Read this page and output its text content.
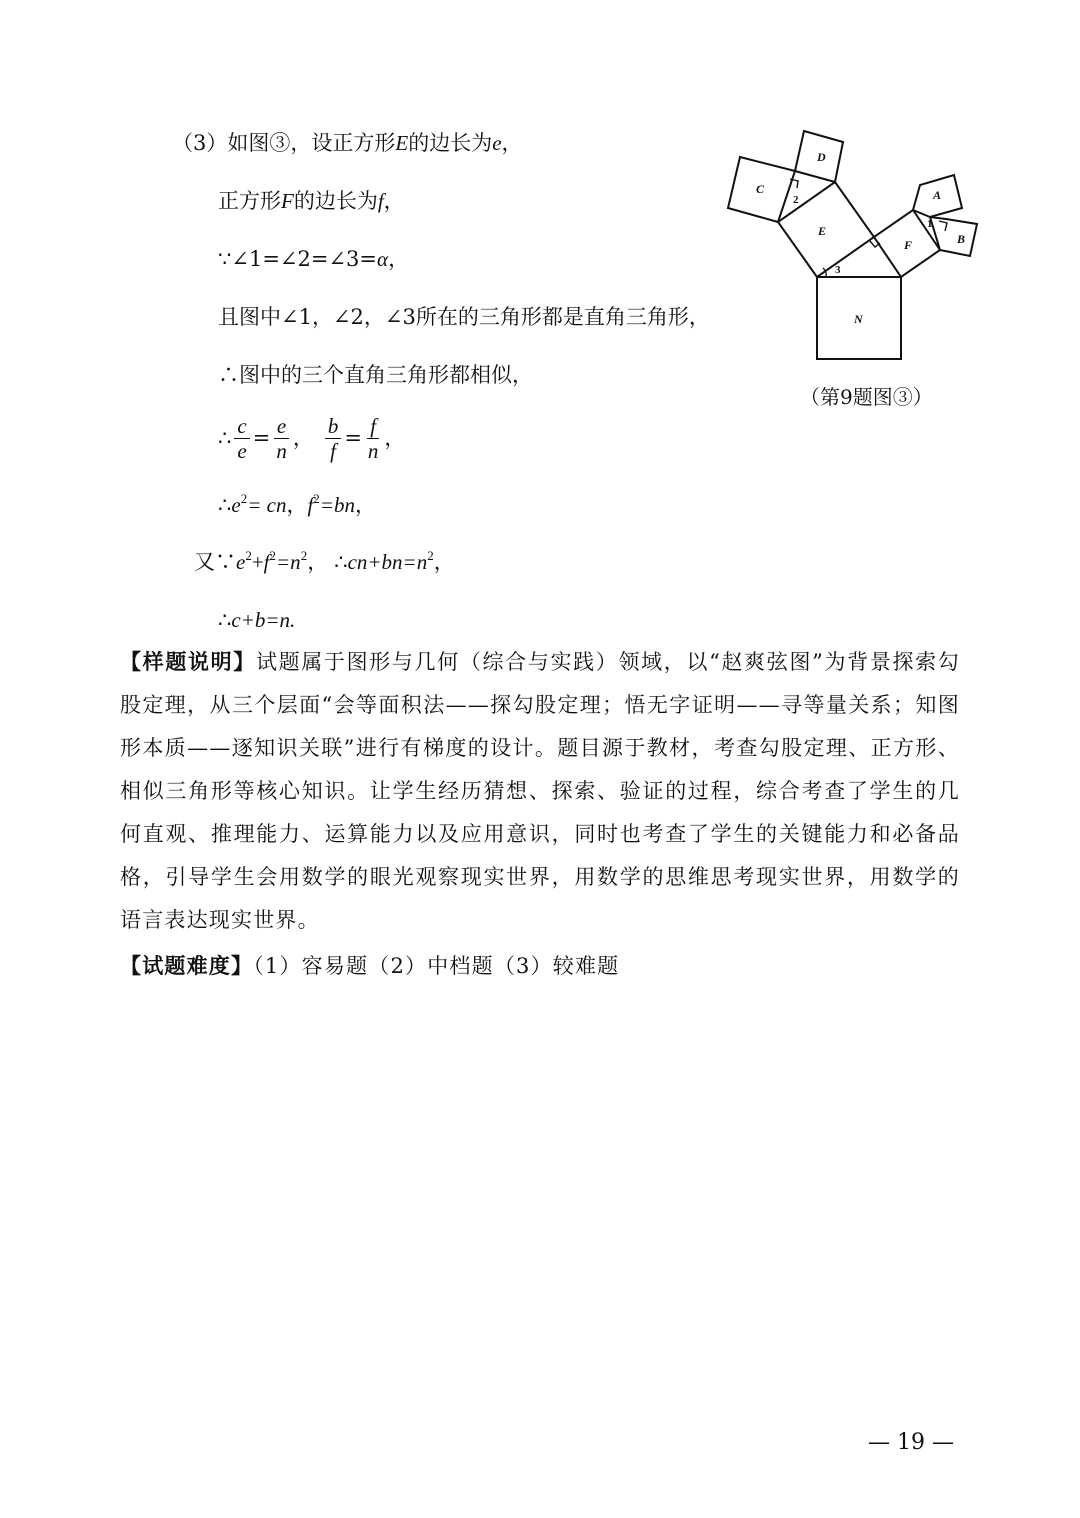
（3）如图③，设正方形E的边长为e，
正方形F的边长为f，
∵∠1=∠2=∠3=α，
且图中∠1，∠2，∠3所在的三角形都是直角三角形，
∴图中的三个直角三角形都相似，
∴ $\frac{c}{e} = \frac{e}{n}$ ， $\frac{b}{f} = \frac{f}{n}$ ，
$\therefore e^2=$ cn，$f^2=bn$，
又$\because e^2+f^2=n^2$， $\therefore cn+bn=n^2$，
∴c+b=n.
C
D
E
F
A
B
N
2
1
3
（第9题图③）
【样题说明】试题属于图形与几何（综合与实践）领域，以“赵爽弦图”为背景探索勾股定理，从三个层面“会等面积法——探勾股定理；悟无字证明——寻等量关系；知图形本质——逐知识关联”进行有梯度的设计。题目源于教材，考查勾股定理、正方形、相似三角形等核心知识。让学生经历猜想、探索、验证的过程，综合考查了学生的几何直观、推理能力、运算能力以及应用意识，同时也考查了学生的关键能力和必备品格，引导学生会用数学的眼光观察现实世界，用数学的思维思考现实世界，用数学的语言表达现实世界。
【试题难度】（1）容易题（2）中档题（3）较难题
— 19 —
